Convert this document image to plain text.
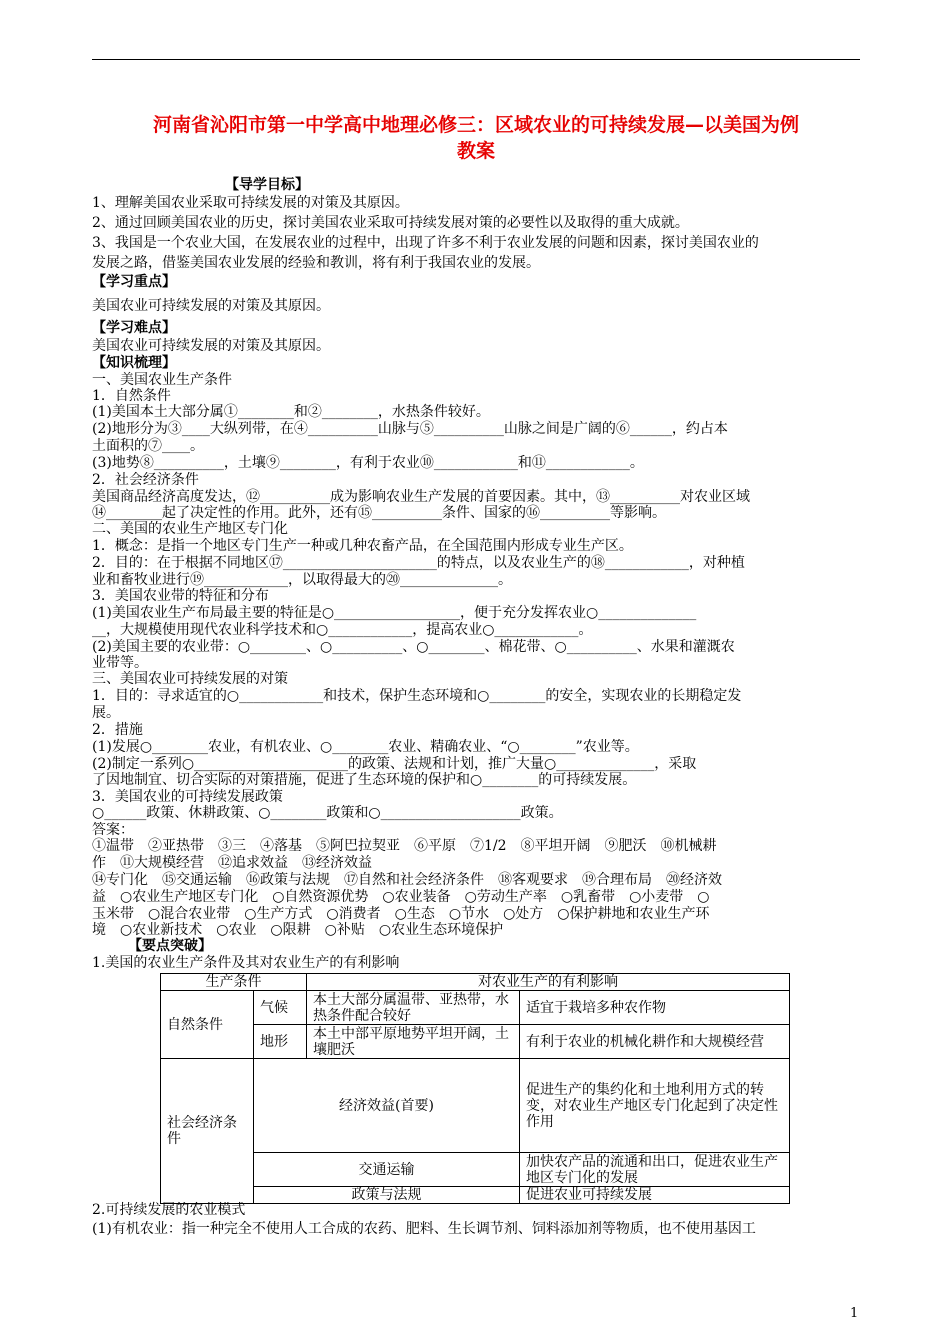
河南省沁阳市第一中学高中地理必修三：区域农业的可持续发展—以美国为例
教案
【导学目标】
1、理解美国农业采取可持续发展的对策及其原因。
2、通过回顾美国农业的历史，探讨美国农业采取可持续发展对策的必要性以及取得的重大成就。
3、我国是一个农业大国，在发展农业的过程中，出现了许多不利于农业发展的问题和因素，探讨美国农业的
发展之路，借鉴美国农业发展的经验和教训，将有利于我国农业的发展。
【学习重点】
美国农业可持续发展的对策及其原因。
【学习难点】
美国农业可持续发展的对策及其原因。
【知识梳理】
一、美国农业生产条件
1．自然条件
(1)美国本土大部分属①________和②________，水热条件较好。
(2)地形分为③____大纵列带，在④__________山脉与⑤__________山脉之间是广阔的⑥______，约占本
土面积的⑦____。
(3)地势⑧__________，土壤⑨________，有利于农业⑩____________和⑪____________。
2．社会经济条件
美国商品经济高度发达，⑫__________成为影响农业生产发展的首要因素。其中，⑬__________对农业区域
⑭________起了决定性的作用。此外，还有⑮__________条件、国家的⑯__________等影响。
二、美国的农业生产地区专门化
1．概念：是指一个地区专门生产一种或几种农畜产品，在全国范围内形成专业生产区。
2．目的：在于根据不同地区⑰______________________的特点，以及农业生产的⑱____________，对种植
业和畜牧业进行⑲____________，以取得最大的⑳______________。
3．美国农业带的特征和分布
(1)美国农业生产布局最主要的特征是○__________________，便于充分发挥农业○______________
__，大规模使用现代农业科学技术和○____________，提高农业○____________。
(2)美国主要的农业带：○________、○__________、○________、棉花带、○__________、水果和灌溉农
业带等。
三、美国农业可持续发展的对策
1．目的：寻求适宜的○____________和技术，保护生态环境和○________的安全，实现农业的长期稳定发
展。
2．措施
(1)发展○________农业，有机农业、○________农业、精确农业、“○________”农业等。
(2)制定一系列○______________________的政策、法规和计划，推广大量○______________，采取
了因地制宜、切合实际的对策措施，促进了生态环境的保护和○________的可持续发展。
3．美国农业的可持续发展政策
○______政策、休耕政策、○________政策和○____________________政策。
答案：
①温带　②亚热带　③三　④落基　⑤阿巴拉契亚　⑥平原　⑦1/2　⑧平坦开阔　⑨肥沃　⑩机械耕
作　⑪大规模经营　⑫追求效益　⑬经济效益
⑭专门化　⑮交通运输　⑯政策与法规　⑰自然和社会经济条件　⑱客观要求　⑲合理布局　⑳经济效
益　○农业生产地区专门化　○自然资源优势　○农业装备　○劳动生产率　○乳畜带　○小麦带　○
玉米带　○混合农业带　○生产方式　○消费者　○生态　○节水　○处方　○保护耕地和农业生产环
境　○农业新技术　○农业　○限耕　○补贴　○农业生态环境保护
【要点突破】
1.美国的农业生产条件及其对农业生产的有利影响
生产条件		对农业生产的有利影响	
自然条件	气候	本土大部分属温带、亚热带，水热条件配合较好	适宜于栽培多种农作物
	地形	本土中部平原地势平坦开阔，土壤肥沃	有利于农业的机械化耕作和大规模经营
社会经济条件	经济效益(首要)		促进生产的集约化和土地利用方式的转变，对农业生产地区专门化起到了决定性作用
	交通运输		加快农产品的流通和出口，促进农业生产地区专门化的发展
	政策与法规		促进农业可持续发展
2.可持续发展的农业模式
(1)有机农业：指一种完全不使用人工合成的农药、肥料、生长调节剂、饲料添加剂等物质，也不使用基因工
1
